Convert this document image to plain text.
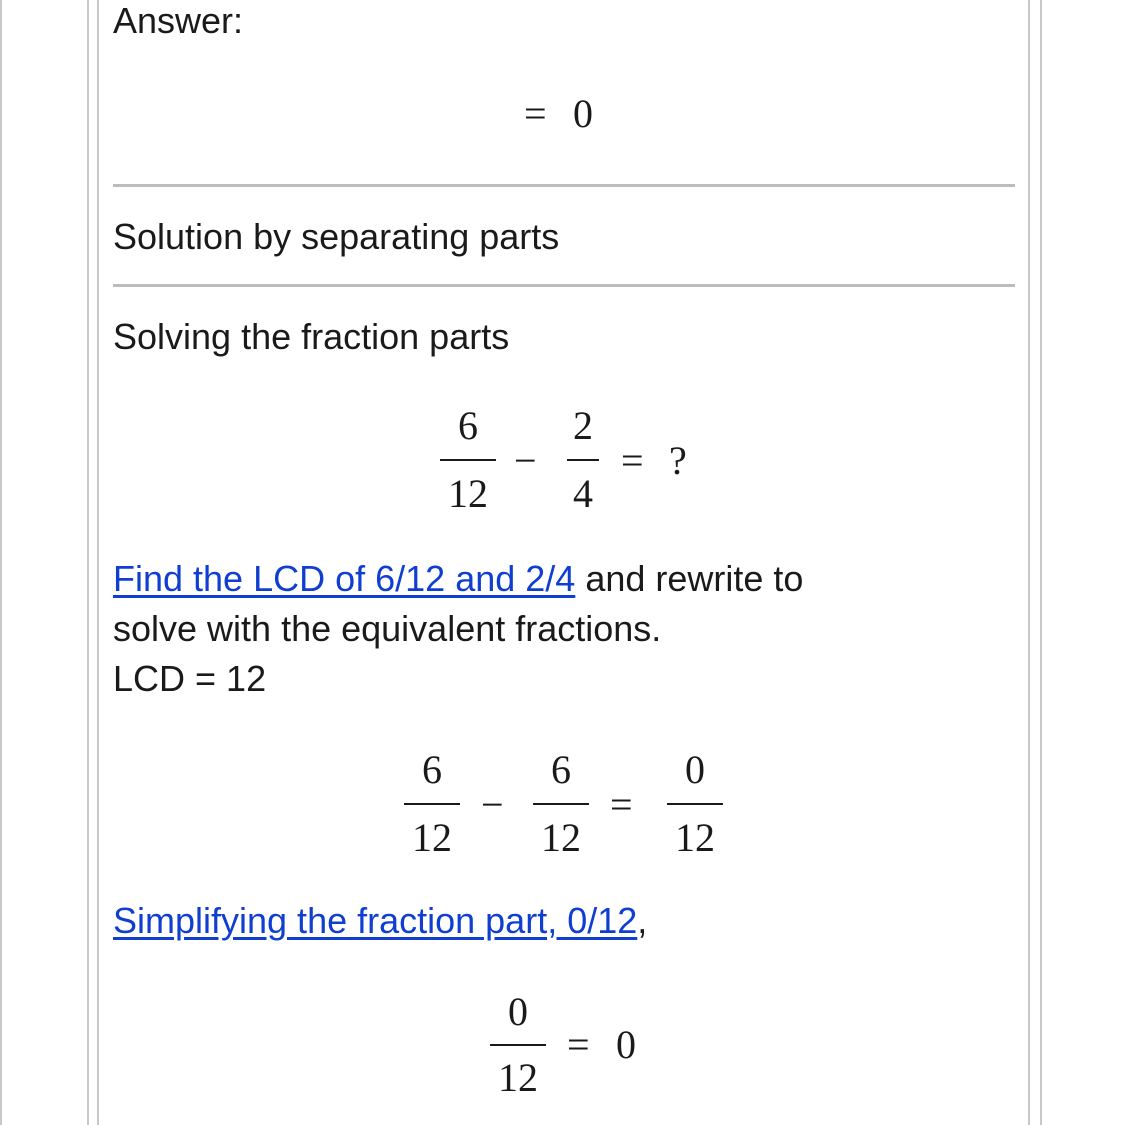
Answer:
= 0
Solution by separating parts
Solving the fraction parts
6
12
−
2
4
= ?
Find the LCD of 6/12 and 2/4 and rewrite to
solve with the equivalent fractions.
LCD = 12
6
12
−
6
12
=
0
12
Simplifying the fraction part, 0/12,
0
12
= 0
